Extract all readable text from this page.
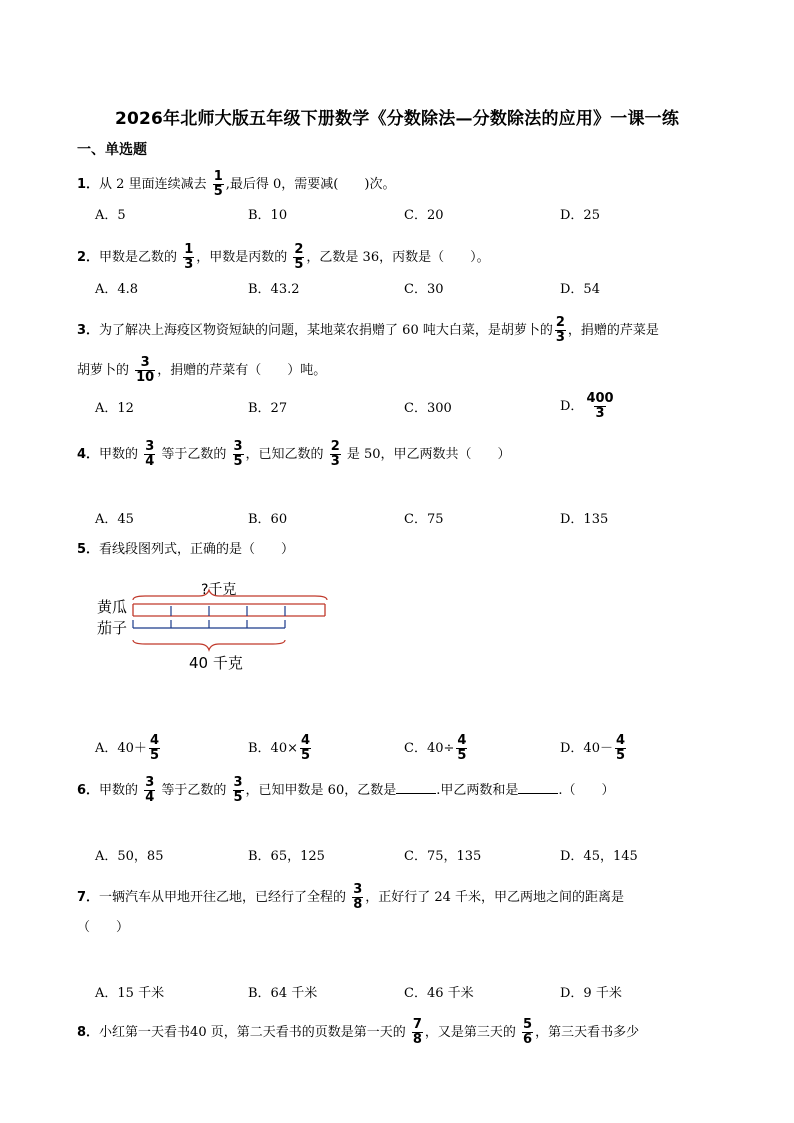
2026年北师大版五年级下册数学《分数除法—分数除法的应用》一课一练
一、单选题
1．从 2 里面连续减去 $\frac{1}{5}$ ,最后得 0，需要减(　　)次。
A．5	B．10	C．20	D．25
2．甲数是乙数的 $\frac{1}{3}$ ，甲数是丙数的 $\frac{2}{5}$ ，乙数是 36，丙数是（　　）。
A．4.8	B．43.2	C．30	D．54
3．为了解决上海疫区物资短缺的问题，某地菜农捐赠了 60 吨大白菜，是胡萝卜的 $\frac{2}{3}$ ，捐赠的芹菜是
胡萝卜的 $\frac{3}{10}$ ，捐赠的芹菜有（　　）吨。
A．12	B．27	C．300	D． $\frac{400}{3}$
4．甲数的 $\frac{3}{4}$ 等于乙数的 $\frac{3}{5}$ ，已知乙数的 $\frac{2}{3}$ 是 50，甲乙两数共（　　）
A．45	B．60	C．75	D．135
5．看线段图列式，正确的是（　　）
?千克
黄瓜
茄子
40 千克
A．$40+ \frac{4}{5}$	B．$40\times \frac{4}{5}$	C．$40\div \frac{4}{5}$	D．$40- \frac{4}{5}$
6．甲数的 $\frac{3}{4}$ 等于乙数的 $\frac{3}{5}$ ，已知甲数是 60，乙数是	.甲乙两数和是	.（　　）
A．50，85	B．65，125	C．75，135	D．45，145
7．一辆汽车从甲地开往乙地，已经行了全程的 $\frac{3}{8}$ ，正好行了 24 千米，甲乙两地之间的距离是
（　　）
A．15 千米	B．64 千米	C．46 千米	D．9 千米
8．小红第一天看书40 页，第二天看书的页数是第一天的 $\frac{7}{8}$ ，又是第三天的 $\frac{5}{6}$ ，第三天看书多少
